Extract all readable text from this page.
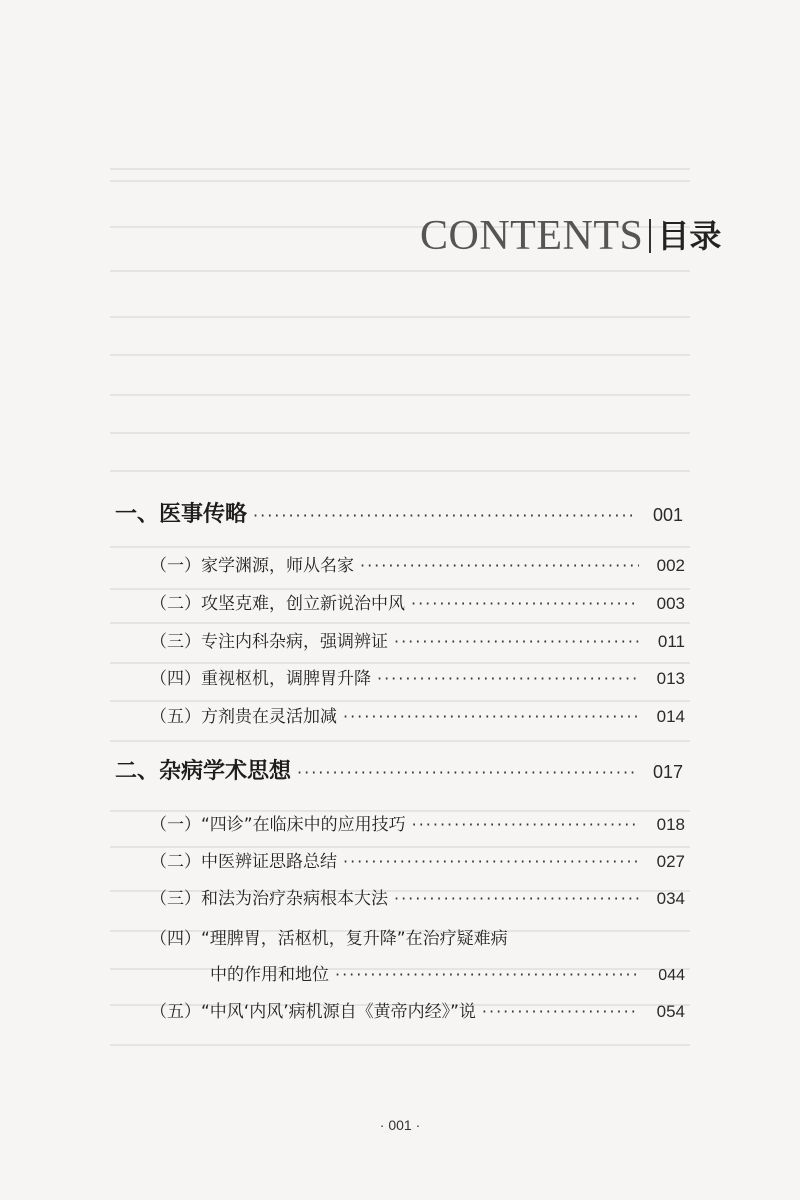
CONTENTS 目录
一、医事传略 ·····	001
（一）家学渊源，师从名家 ·····	002
（二）攻坚克难，创立新说治中风 ·····	003
（三）专注内科杂病，强调辨证 ·····	011
（四）重视枢机，调脾胃升降 ·····	013
（五）方剂贵在灵活加减 ·····	014
二、杂病学术思想 ·····	017
（一）“四诊”在临床中的应用技巧 ·····	018
（二）中医辨证思路总结 ·····	027
（三）和法为治疗杂病根本大法 ·····	034
（四）“理脾胃，活枢机，复升降”在治疗疑难病
中的作用和地位 ·····	044
（五）“中风‘内风’病机源自《黄帝内经》”说 ·····	054
· 001 ·
